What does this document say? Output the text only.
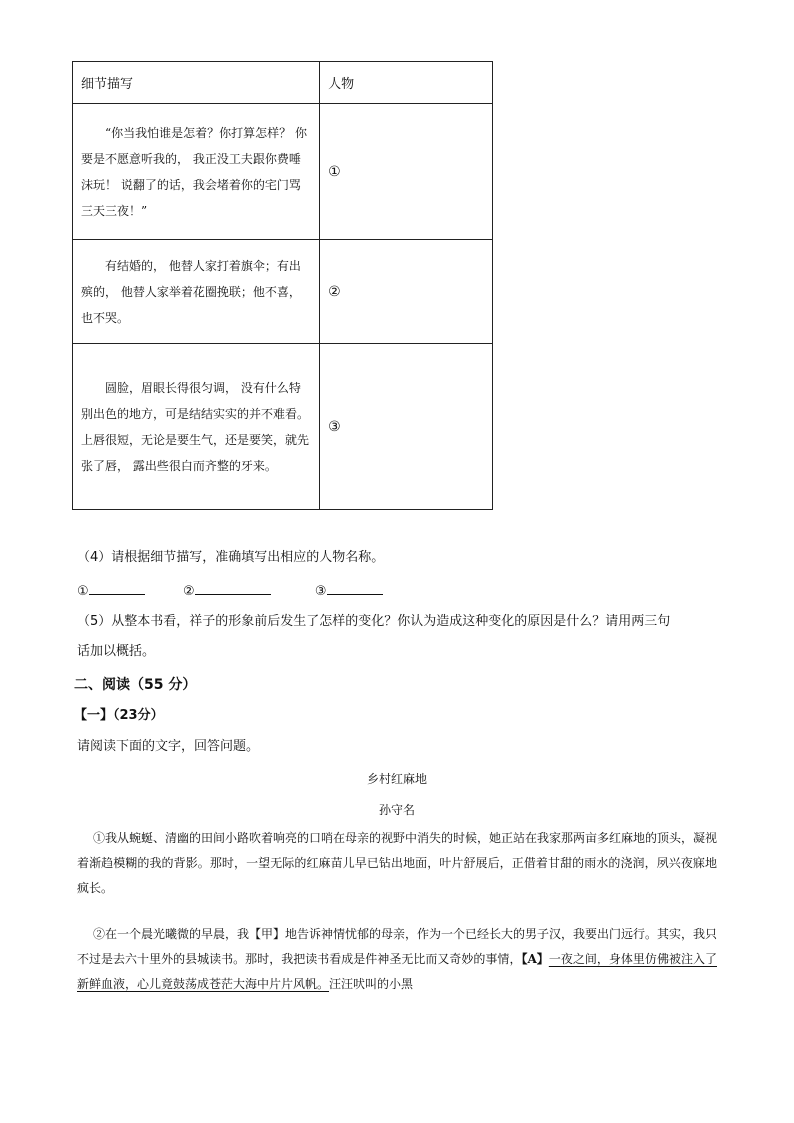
细节描写	人物

“你当我怕谁是怎着？你打算怎样？ 你要是不愿意听我的， 我正没工夫跟你费唾沫玩！ 说翻了的话，我会堵着你的宅门骂三天三夜！”	①

有结婚的， 他替人家打着旗伞；有出殡的， 他替人家举着花圈挽联；他不喜，也不哭。	②

圆脸，眉眼长得很匀调， 没有什么特别出色的地方，可是结结实实的并不难看。上唇很短，无论是要生气，还是要笑，就先张了唇， 露出些很白而齐整的牙来。	③
（4）请根据细节描写，准确填写出相应的人物名称。
①	②	③
（5）从整本书看，祥子的形象前后发生了怎样的变化？你认为造成这种变化的原因是什么？请用两三句
话加以概括。
二、阅读（55 分）
【一】（23分）
请阅读下面的文字，回答问题。
乡村红麻地
孙守名
①我从蜿蜒、清幽的田间小路吹着响亮的口哨在母亲的视野中消失的时候，她正站在我家那两亩多红麻地的顶头，凝视着渐趋模糊的我的背影。那时，一望无际的红麻苗儿早已钻出地面，叶片舒展后，正借着甘甜的雨水的浇润，夙兴夜寐地疯长。
②在一个晨光曦微的早晨，我【甲】地告诉神情忧郁的母亲，作为一个已经长大的男子汉，我要出门远行。其实，我只不过是去六十里外的县城读书。那时，我把读书看成是件神圣无比而又奇妙的事情，【A】一夜之间，身体里仿佛被注入了新鲜血液，心儿竟鼓荡成苍茫大海中片片风帆。汪汪吠叫的小黑
